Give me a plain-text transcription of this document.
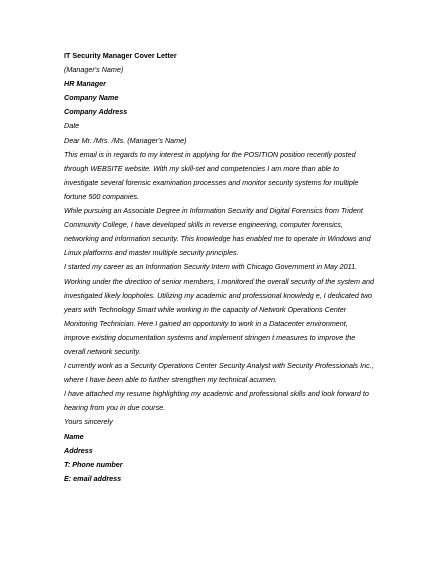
IT Security Manager Cover Letter
(Manager's Name)
HR Manager
Company Name
Company Address
Date
Dear Mr. /Mrs. /Ms. (Manager's Name)
This email is in regards to my interest in applying for the POSITION position recently posted
through WEBSITE website. With my skill-set and competencies I am more than able to
investigate several forensic examination processes and monitor security systems for multiple
fortune 500 companies.
While pursuing an Associate Degree in Information Security and Digital Forensics from Trident
Community College, I have developed skills in reverse engineering, computer forensics,
networking and information security. This knowledge has enabled me to operate in Windows and
Linux platforms and master multiple security principles.
I started my career as an Information Security Intern with Chicago Government in May 2011.
Working under the direction of senior members, I monitored the overall security of the system and
investigated likely loopholes. Utilizing my academic and professional knowledg e, I dedicated two
years with Technology Smart while working in the capacity of Network Operations Center
Monitoring Technician. Here I gained an opportunity to work in a Datacenter environment,
improve existing documentation systems and implement stringen t measures to improve the
overall network security.
I currently work as a Security Operations Center Security Analyst with Security Professionals Inc.,
where I have been able to further strengthen my technical acumen.
I have attached my resume highlighting my academic and professional skills and look forward to
hearing from you in due course.
Yours sincerely
Name
Address
T: Phone number
E: email address
